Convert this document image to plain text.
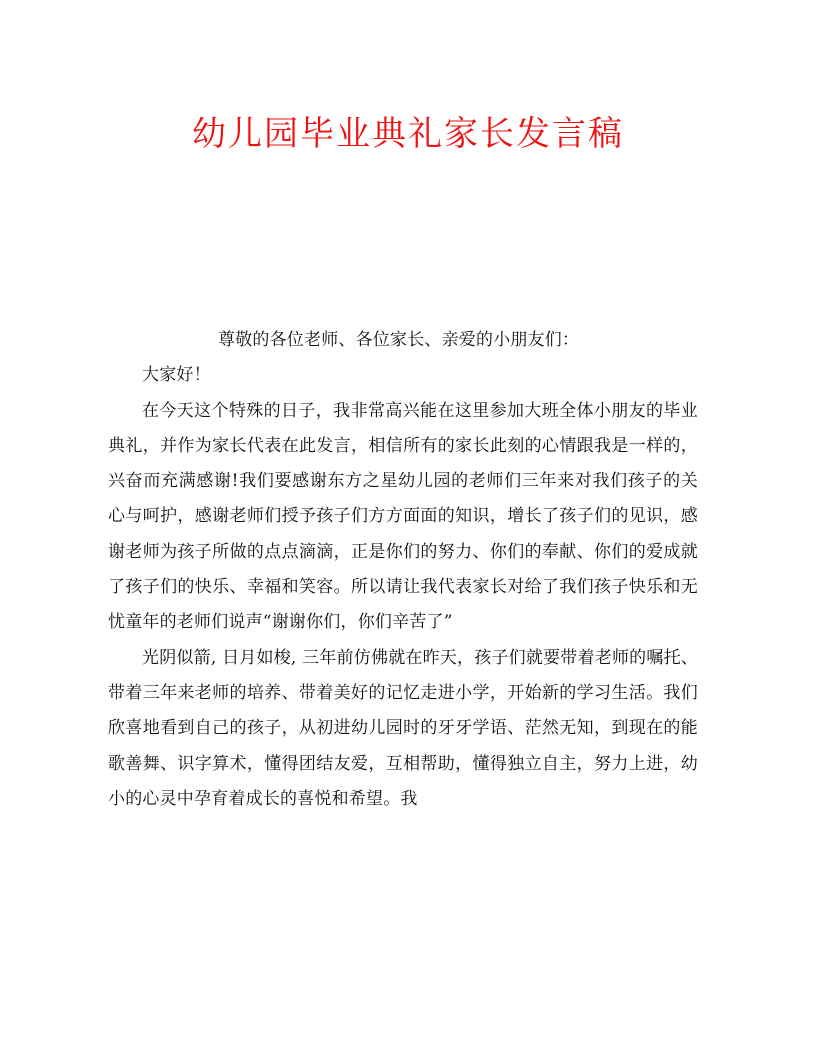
幼儿园毕业典礼家长发言稿

尊敬的各位老师、各位家长、亲爱的小朋友们：

大家好！

在今天这个特殊的日子，我非常高兴能在这里参加大班全体小朋友的毕业典礼，并作为家长代表在此发言，相信所有的家长此刻的心情跟我是一样的，兴奋而充满感谢!我们要感谢东方之星幼儿园的老师们三年来对我们孩子的关心与呵护，感谢老师们授予孩子们方方面面的知识，增长了孩子们的见识，感谢老师为孩子所做的点点滴滴，正是你们的努力、你们的奉献、你们的爱成就了孩子们的快乐、幸福和笑容。所以请让我代表家长对给了我们孩子快乐和无忧童年的老师们说声“谢谢你们，你们辛苦了”

光阴似箭, 日月如梭, 三年前仿佛就在昨天，孩子们就要带着老师的嘱托、带着三年来老师的培养、带着美好的记忆走进小学，开始新的学习生活。我们欣喜地看到自己的孩子，从初进幼儿园时的牙牙学语、茫然无知，到现在的能歌善舞、识字算术，懂得团结友爱，互相帮助，懂得独立自主，努力上进，幼小的心灵中孕育着成长的喜悦和希望。我
